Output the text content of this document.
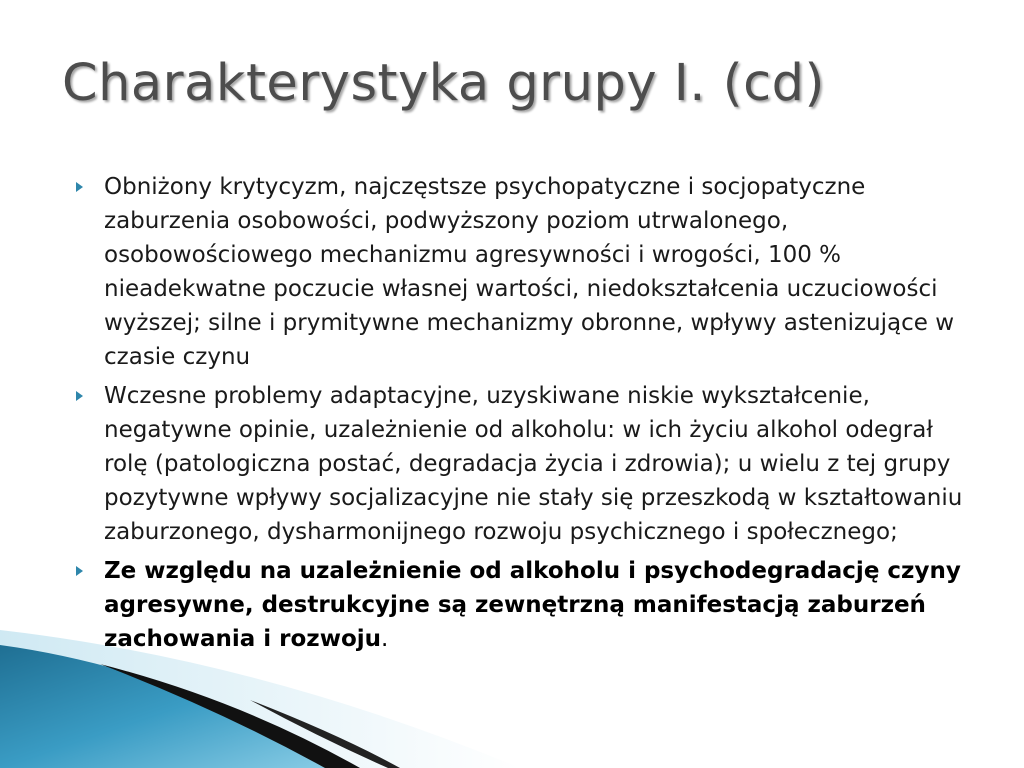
Charakterystyka grupy I. (cd)
Obniżony krytycyzm, najczęstsze psychopatyczne i socjopatyczne zaburzenia osobowości, podwyższony poziom utrwalonego, osobowościowego mechanizmu agresywności i wrogości, 100 % nieadekwatne poczucie własnej wartości, niedokształcenia uczuciowości wyższej; silne i prymitywne mechanizmy obronne, wpływy astenizujące w czasie czynu
Wczesne problemy adaptacyjne, uzyskiwane niskie wykształcenie, negatywne opinie, uzależnienie od alkoholu: w ich życiu alkohol odegrał rolę (patologiczna postać, degradacja życia i zdrowia); u wielu z tej grupy pozytywne wpływy socjalizacyjne nie stały się przeszkodą w kształtowaniu zaburzonego, dysharmonijnego rozwoju psychicznego i społecznego;
Ze względu na uzależnienie od alkoholu i psychodegradację czyny agresywne, destrukcyjne są zewnętrzną manifestacją zaburzeń zachowania i rozwoju.
